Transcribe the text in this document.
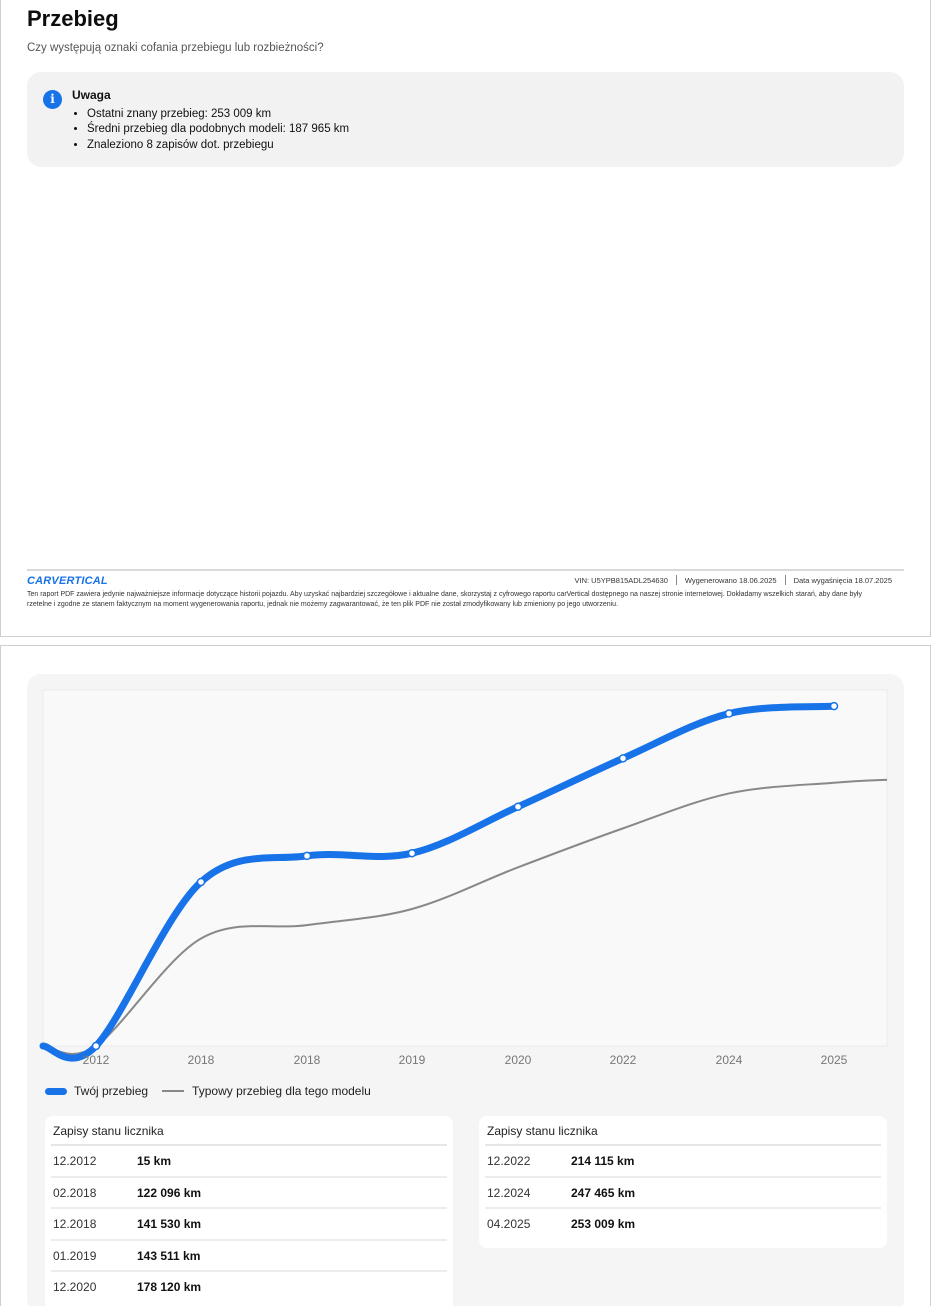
Przebieg
Czy występują oznaki cofania przebiegu lub rozbieżności?
i	Uwaga
• Ostatni znany przebieg: 253 009 km
• Średni przebieg dla podobnych modeli: 187 965 km
• Znaleziono 8 zapisów dot. przebiegu
CARVERTICAL	VIN: U5YPB815ADL254630	Wygenerowano 18.06.2025	Data wygaśnięcia 18.07.2025
Ten raport PDF zawiera jedynie najważniejsze informacje dotyczące historii pojazdu. Aby uzyskać najbardziej szczegółowe i aktualne dane, skorzystaj z cyfrowego raportu carVertical dostępnego na naszej stronie internetowej. Dokładamy wszelkich starań, aby dane były rzetelne i zgodne ze stanem faktycznym na moment wygenerowania raportu, jednak nie możemy zagwarantować, że ten plik PDF nie został zmodyfikowany lub zmieniony po jego utworzeniu.
2012	2018	2018	2019	2020	2022	2024	2025
Twój przebieg	Typowy przebieg dla tego modelu
Zapisy stanu licznika
12.2012	15 km
02.2018	122 096 km
12.2018	141 530 km
01.2019	143 511 km
12.2020	178 120 km
Zapisy stanu licznika
12.2022	214 115 km
12.2024	247 465 km
04.2025	253 009 km
